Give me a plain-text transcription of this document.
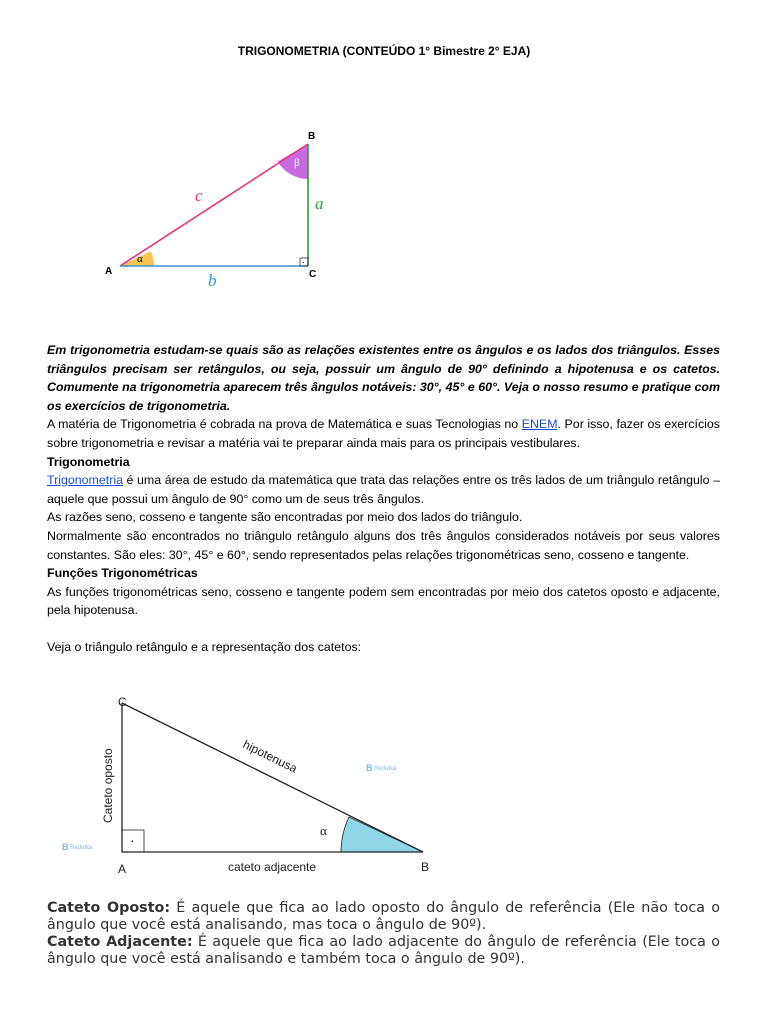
TRIGONOMETRIA (CONTEÚDO 1° Bimestre 2° EJA)
·
A
B
C
c	a
b
α
β

Em trigonometria estudam-se quais são as relações existentes entre os ângulos e os lados dos triângulos. Esses triângulos precisam ser retângulos, ou seja, possuir um ângulo de 90° definindo a hipotenusa e os catetos. Comumente na trigonometria aparecem três ângulos notáveis: 30°, 45° e 60°. Veja o nosso resumo e pratique com os exercícios de trigonometria.

A matéria de Trigonometria é cobrada na prova de Matemática e suas Tecnologias no ENEM. Por isso, fazer os exercícios sobre trigonometria e revisar a matéria vai te preparar ainda mais para os principais vestibulares.

Trigonometria

Trigonometria é uma área de estudo da matemática que trata das relações entre os três lados de um triângulo retângulo – aquele que possui um ângulo de 90° como um de seus três ângulos.

As razões seno, cosseno e tangente são encontradas por meio dos lados do triângulo.

Normalmente são encontrados no triângulo retângulo alguns dos três ângulos considerados notáveis por seus valores constantes. São eles: 30°, 45° e 60°, sendo representados pelas relações trigonométricas seno, cosseno e tangente.

Funções Trigonométricas

As funções trigonométricas seno, cosseno e tangente podem sem encontradas por meio dos catetos oposto e adjacente, pela hipotenusa.

Veja o triângulo retângulo e a representação dos catetos:

·
C
A	B
cateto adjacente
Cateto oposto	hipotenusa
α
B Redutka
B Redutka

Cateto Oposto: É aquele que fica ao lado oposto do ângulo de referência (Ele não toca o ângulo que você está analisando, mas toca o ângulo de 90º).

Cateto Adjacente: É aquele que fica ao lado adjacente do ângulo de referência (Ele toca o ângulo que você está analisando e também toca o ângulo de 90º).
